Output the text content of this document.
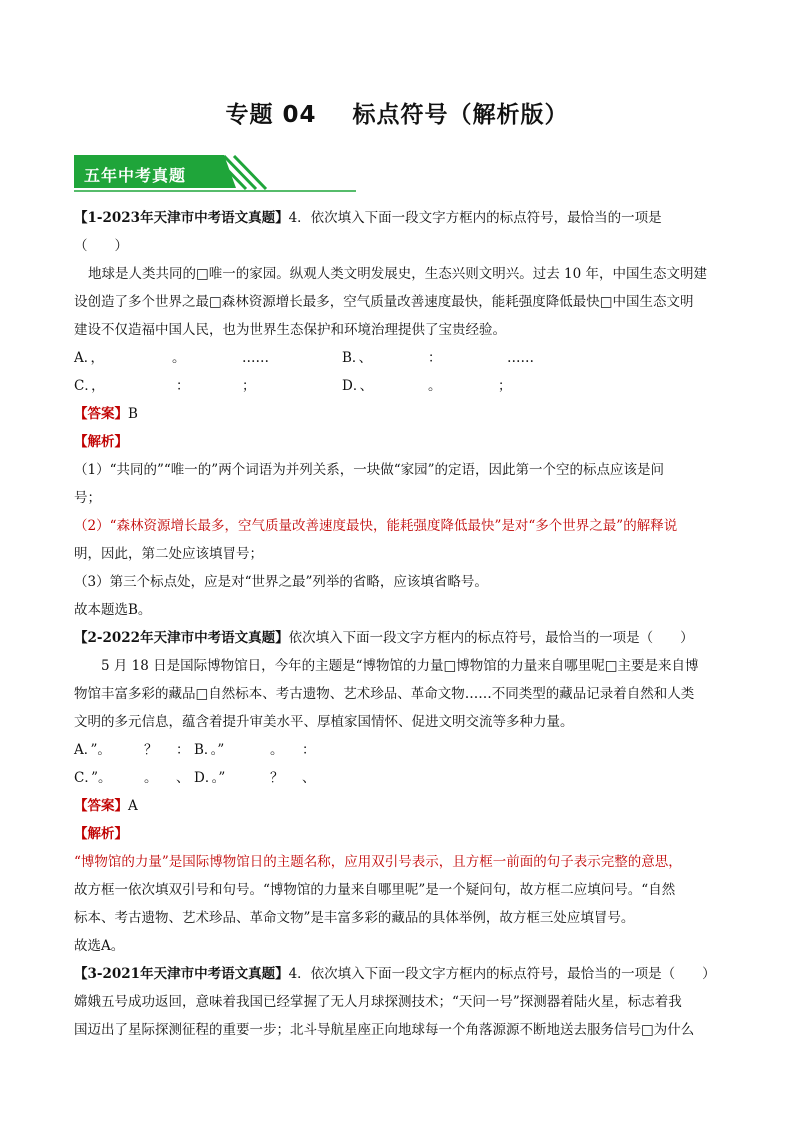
专题 04 标点符号（解析版）
五年中考真题
【1-2023年天津市中考语文真题】4．依次填入下面一段文字方框内的标点符号，最恰当的一项是
（　　）
地球是人类共同的□唯一的家园。纵观人类文明发展史，生态兴则文明兴。过去 10 年，中国生态文明建
设创造了多个世界之最□森林资源增长最多，空气质量改善速度最快，能耗强度降低最快□中国生态文明
建设不仅造福中国人民，也为世界生态保护和环境治理提供了宝贵经验。
A．，	。	……	B．、	：	……
C．，	：	；	D．、	。	；
【答案】B
【解析】
（1）“共同的”“唯一的”两个词语为并列关系，一块做“家园”的定语，因此第一个空的标点应该是问
号；
（2）“森林资源增长最多，空气质量改善速度最快，能耗强度降低最快”是对“多个世界之最”的解释说
明，因此，第二处应该填冒号；
（3）第三个标点处，应是对“世界之最”列举的省略，应该填省略号。
故本题选B。
【2-2022年天津市中考语文真题】依次填入下面一段文字方框内的标点符号，最恰当的一项是（　　）
5 月 18 日是国际博物馆日，今年的主题是“博物馆的力量□博物馆的力量来自哪里呢□主要是来自博
物馆丰富多彩的藏品□自然标本、考古遗物、艺术珍品、革命文物……不同类型的藏品记录着自然和人类
文明的多元信息，蕴含着提升审美水平、厚植家国情怀、促进文明交流等多种力量。
A．”。 ？ ： B．。”	。 ：
C．”。 。 、 D．。”	？ 、
【答案】A
【解析】
“博物馆的力量”是国际博物馆日的主题名称，应用双引号表示，且方框一前面的句子表示完整的意思，
故方框一依次填双引号和句号。“博物馆的力量来自哪里呢”是一个疑问句，故方框二应填问号。“自然
标本、考古遗物、艺术珍品、革命文物”是丰富多彩的藏品的具体举例，故方框三处应填冒号。
故选A。
【3-2021年天津市中考语文真题】4．依次填入下面一段文字方框内的标点符号，最恰当的一项是（　　）
嫦娥五号成功返回，意味着我国已经掌握了无人月球探测技术；“天问一号”探测器着陆火星，标志着我
国迈出了星际探测征程的重要一步；北斗导航星座正向地球每一个角落源源不断地送去服务信号□为什么
